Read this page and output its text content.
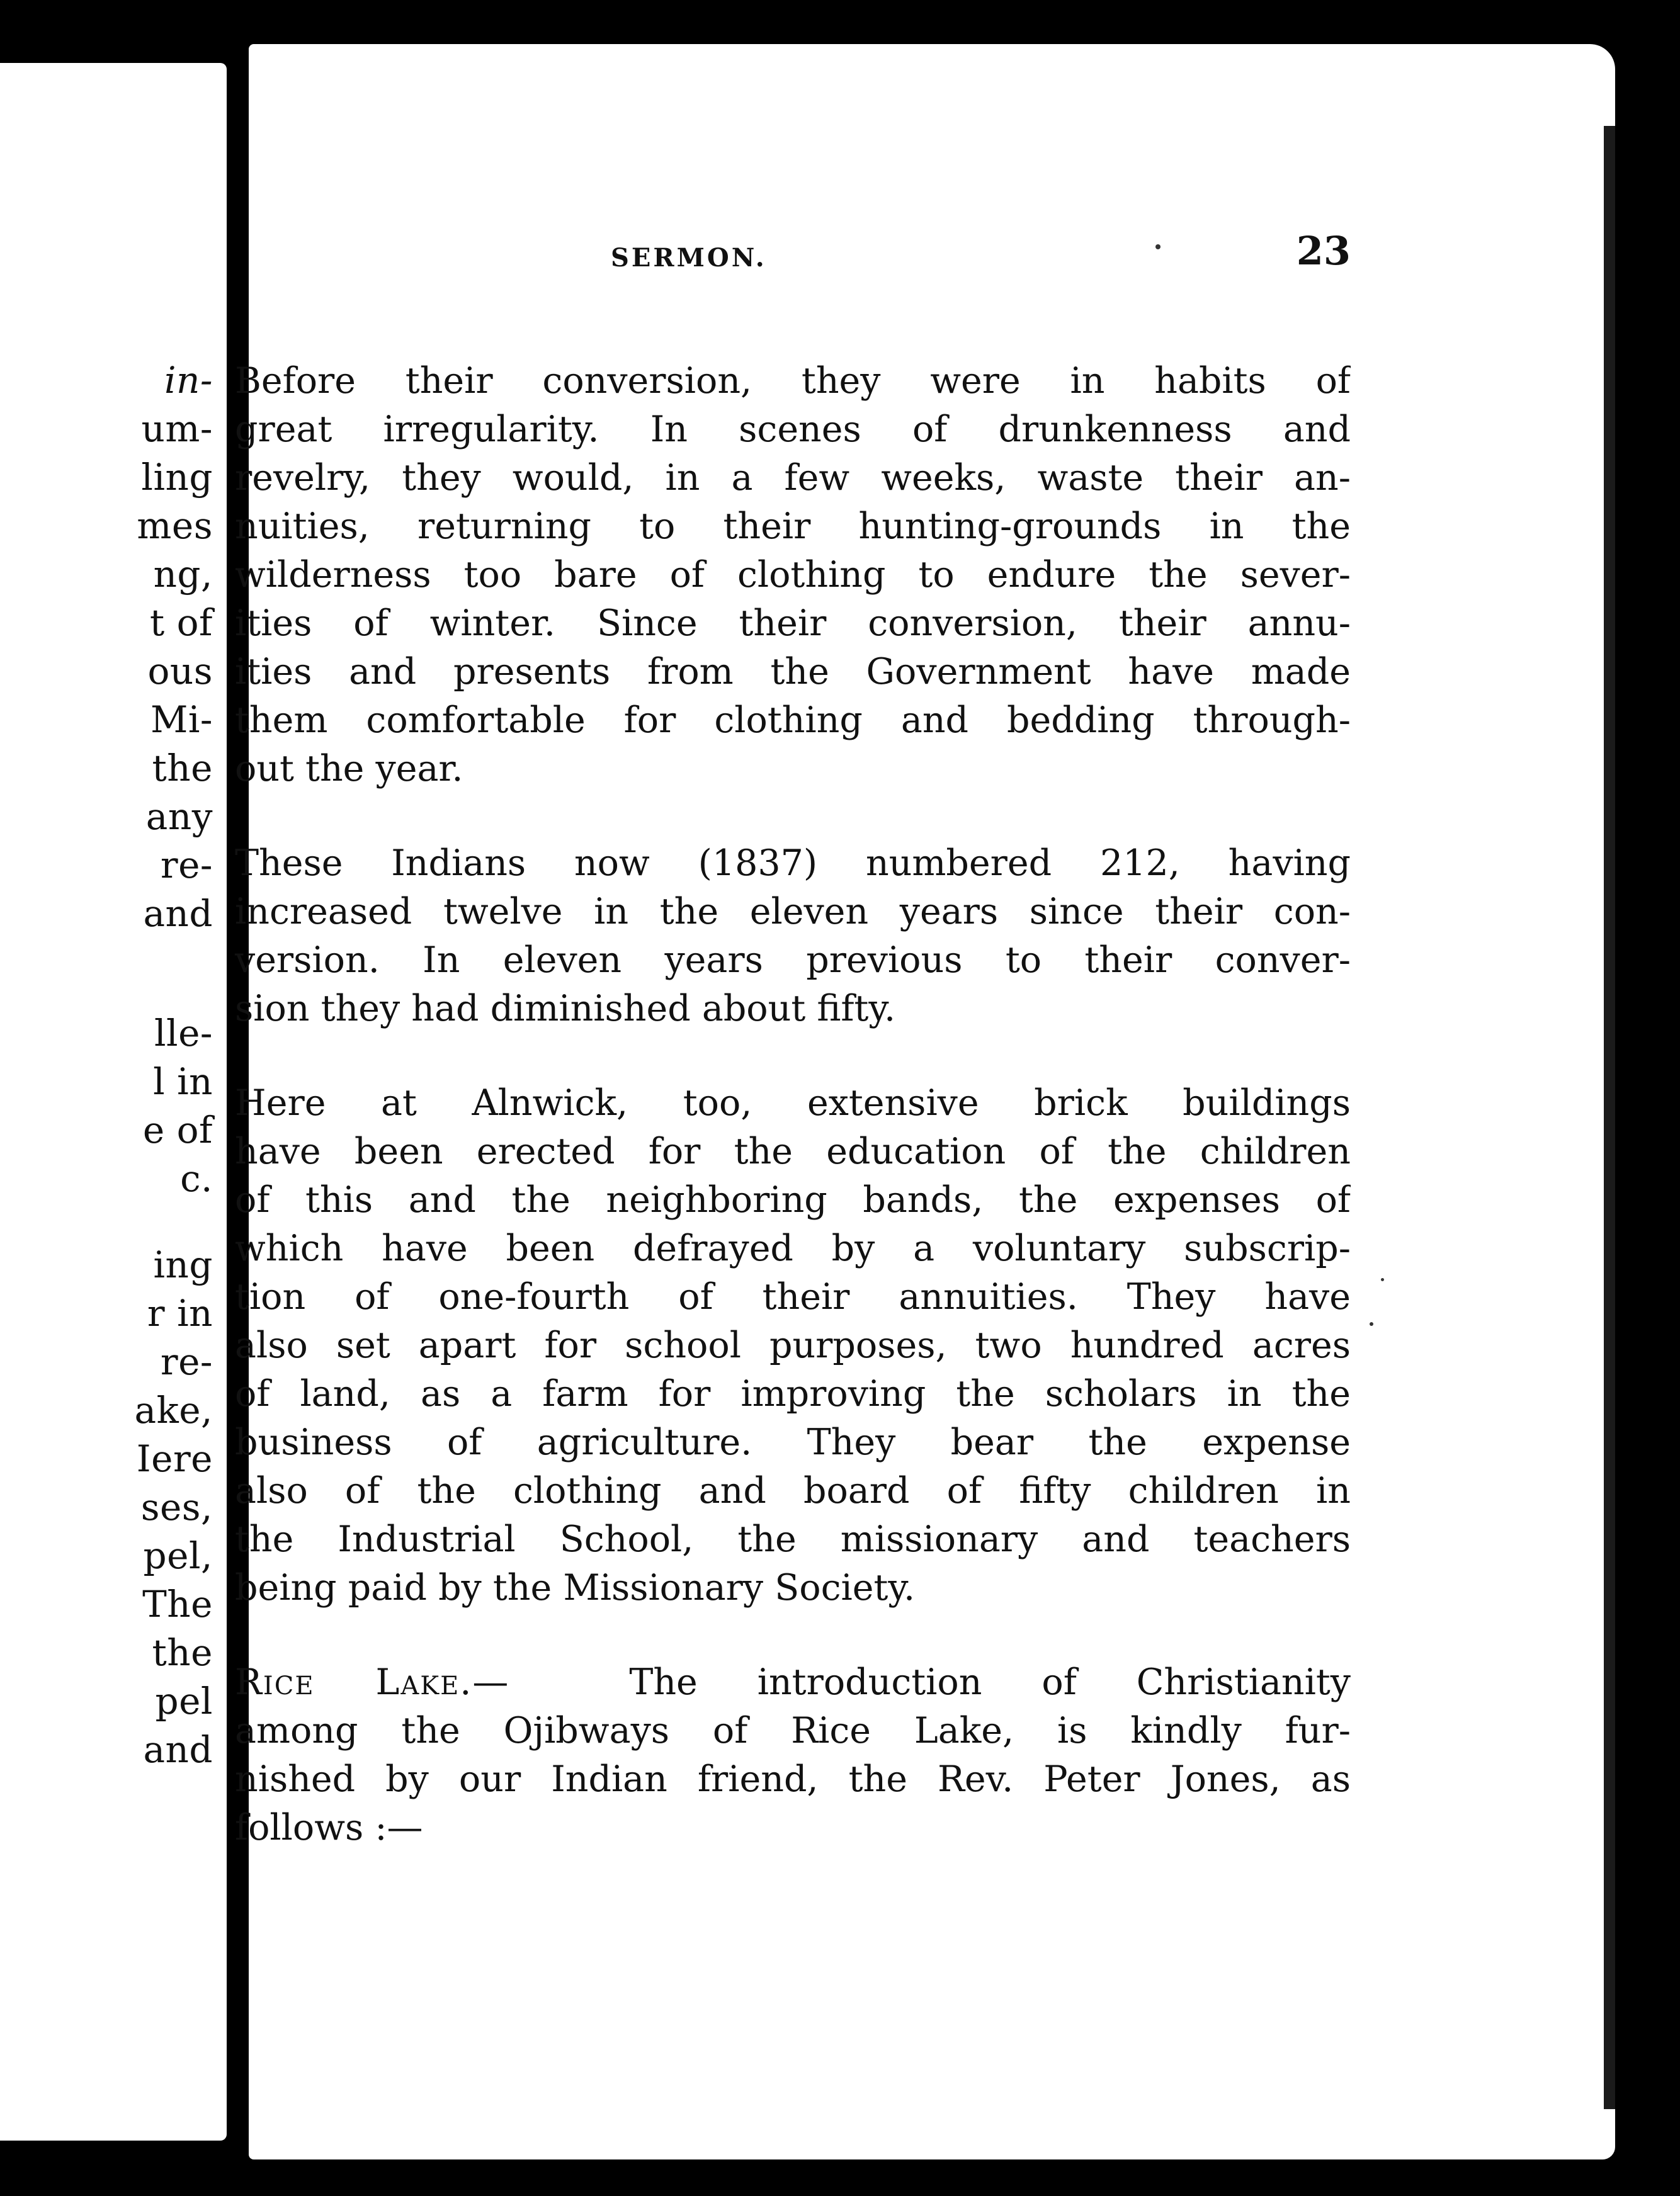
in-
um-
ling
mes
ng,
t of
ous
Mi-
the
any
re-
and
lle-
l in
e of
c.
ing
r in
re-
ake,
Iere
ses,
pel,
The
the
pel
and
SERMON.	23
Before their conversion, they were in habits of
great irregularity. In scenes of drunkenness and
revelry, they would, in a few weeks, waste their an-
nuities, returning to their hunting-grounds in the
wilderness too bare of clothing to endure the sever-
ities of winter. Since their conversion, their annu-
ities and presents from the Government have made
them comfortable for clothing and bedding through-
out the year.
These Indians now (1837) numbered 212, having
increased twelve in the eleven years since their con-
version. In eleven years previous to their conver-
sion they had diminished about fifty.
Here at Alnwick, too, extensive brick buildings
have been erected for the education of the children
of this and the neighboring bands, the expenses of
which have been defrayed by a voluntary subscrip-
tion of one-fourth of their annuities. They have
also set apart for school purposes, two hundred acres
of land, as a farm for improving the scholars in the
business of agriculture. They bear the expense
also of the clothing and board of fifty children in
the Industrial School, the missionary and teachers
being paid by the Missionary Society.
Rice Lake.—	The introduction of Christianity
among the Ojibways of Rice Lake, is kindly fur-
nished by our Indian friend, the Rev. Peter Jones, as
follows :—
